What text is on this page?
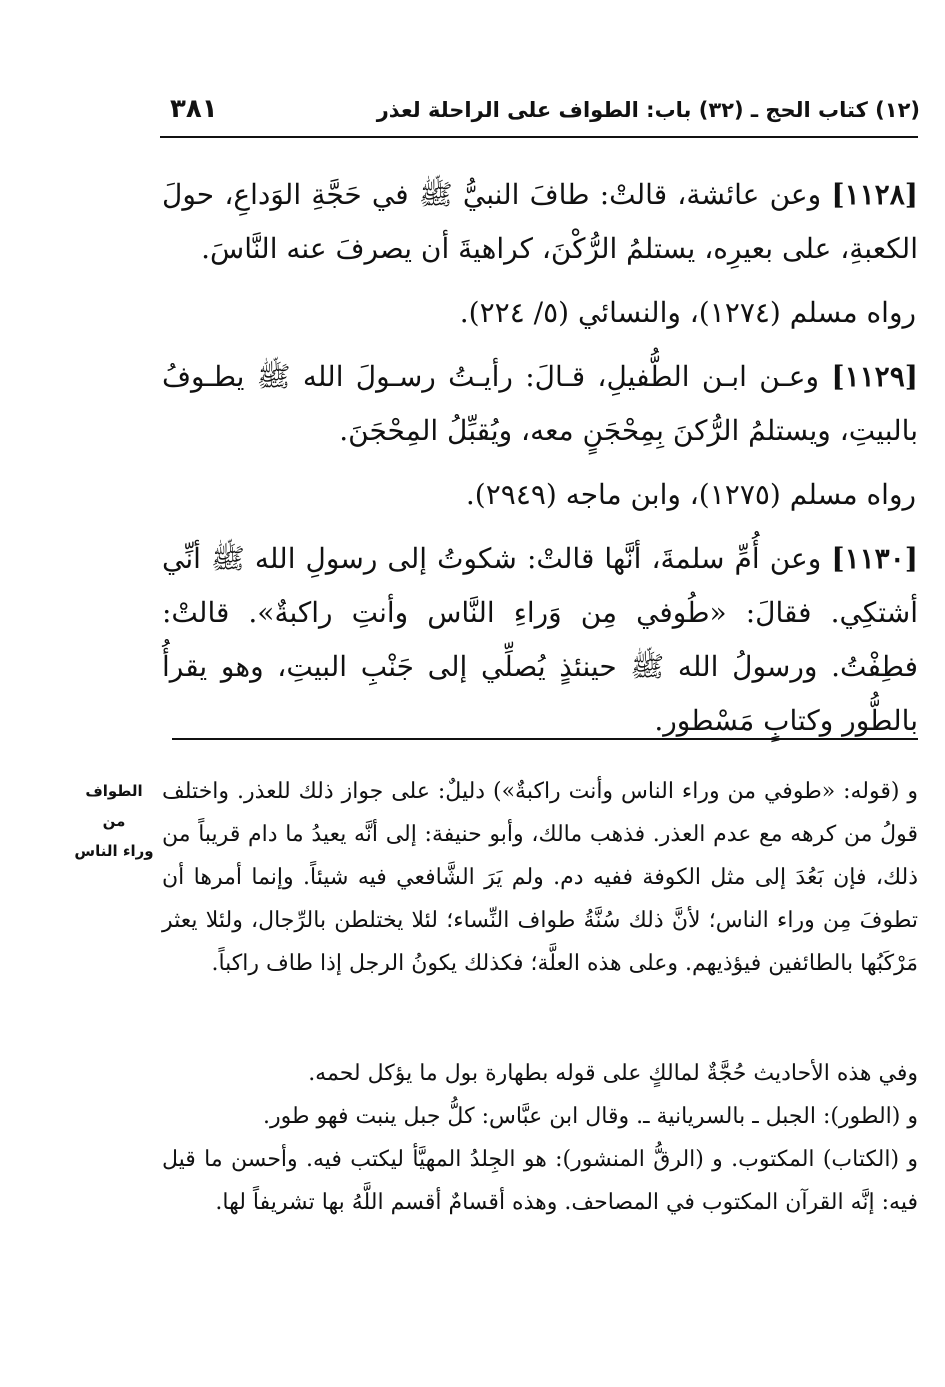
(١٢) كتاب الحج ـ (٣٢) باب: الطواف على الراحلة لعذر
٣٨١

[١١٢٨] وعن عائشة، قالتْ: طافَ النبيُّ ﷺ في حَجَّةِ الوَداعِ، حولَ الكعبةِ، على بعيرِه، يستلمُ الرُّكْنَ، كراهيةَ أن يصرفَ عنه النَّاسَ.

رواه مسلم (١٢٧٤)، والنسائي (٥/ ٢٢٤).

[١١٢٩] وعـن ابـن الطُّفيلِ، قـالَ: رأيـتُ رسـولَ الله ﷺ يطـوفُ بالبيتِ، ويستلمُ الرُّكنَ بِمِحْجَنٍ معه، ويُقبِّلُ المِحْجَنَ.

رواه مسلم (١٢٧٥)، وابن ماجه (٢٩٤٩).

[١١٣٠] وعن أُمِّ سلمةَ، أنَّها قالتْ: شكوتُ إلى رسولِ الله ﷺ أنِّي أشتكِي. فقالَ: «طُوفي مِن وَراءِ النَّاس وأنتِ راكبةٌ». قالتْ: فطِفْتُ. ورسولُ الله ﷺ حينئذٍ يُصلِّي إلى جَنْبِ البيتِ، وهو يقرأُ بالطُّور وكتابٍ مَسْطور.

الطواف من
وراء الناس

و (قوله: «طوفي من وراء الناس وأنت راكبةٌ») دليلٌ: على جواز ذلك للعذر. واختلف قولُ من كرهه مع عدم العذر. فذهب مالك، وأبو حنيفة: إلى أنَّه يعيدُ ما دام قريباً من ذلك، فإن بَعُدَ إلى مثل الكوفة ففيه دم. ولم يَرَ الشَّافعي فيه شيئاً. وإنما أمرها أن تطوفَ مِن وراء الناس؛ لأنَّ ذلك سُنَّةُ طواف النِّساء؛ لئلا يختلطن بالرِّجال، ولئلا يعثر مَرْكَبُها بالطائفين فيؤذيهم. وعلى هذه العلَّة؛ فكذلك يكونُ الرجل إذا طاف راكباً.

وفي هذه الأحاديث حُجَّةٌ لمالكٍ على قوله بطهارة بول ما يؤكل لحمه.

و (الطور): الجبل ـ بالسريانية ـ. وقال ابن عبَّاس: كلُّ جبل ينبت فهو طور.

و (الكتاب) المكتوب. و (الرقُّ المنشور): هو الجِلدُ المهيَّأ ليكتب فيه. وأحسن ما قيل فيه: إنَّه القرآن المكتوب في المصاحف. وهذه أقسامٌ أقسم اللَّهُ بها تشريفاً لها.
